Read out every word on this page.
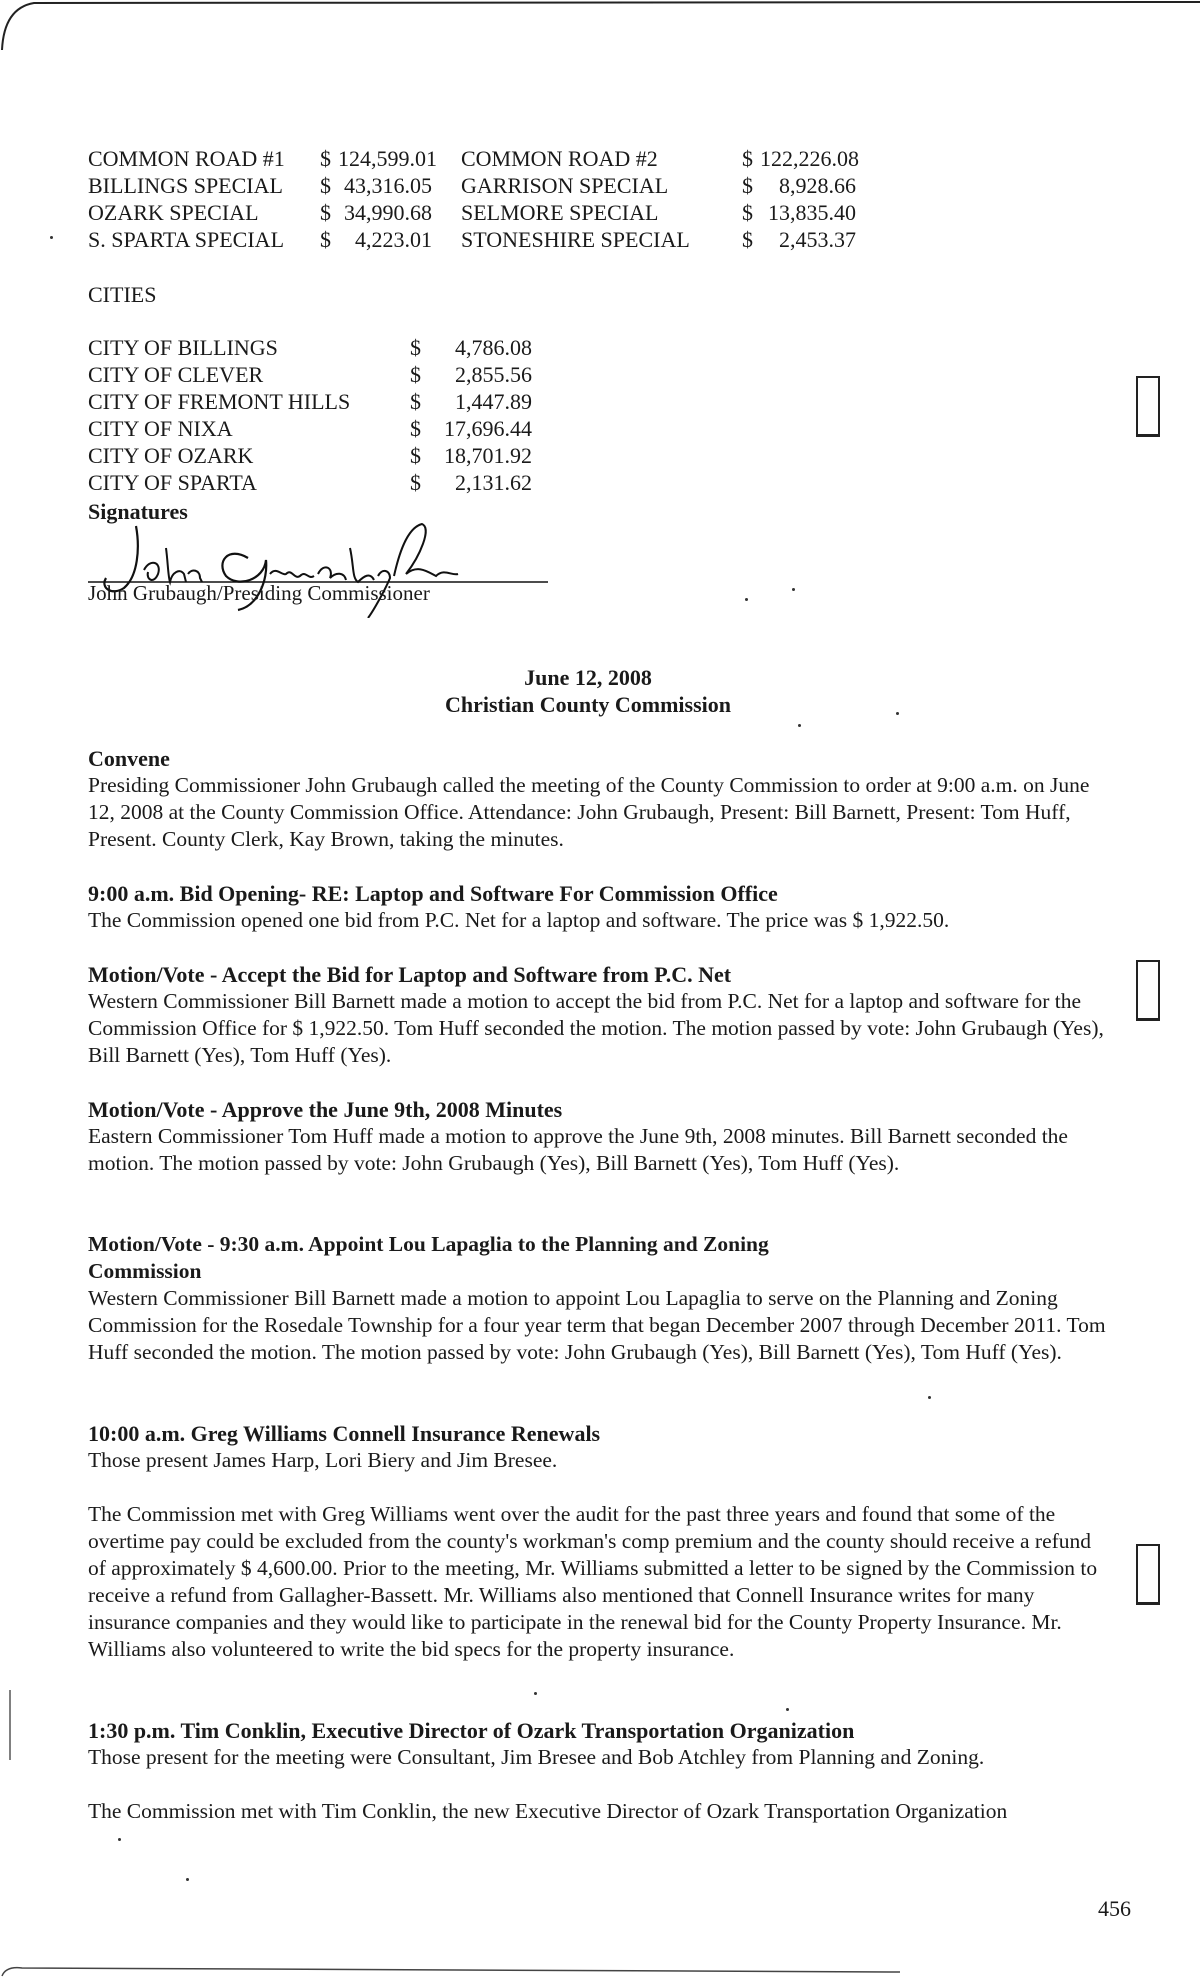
COMMON ROAD #1 $ 124,599.01 COMMON ROAD #2	$ 122,226.08
BILLINGS SPECIAL $ 43,316.05 GARRISON SPECIAL	$	8,928.66
OZARK SPECIAL	$ 34,990.68 SELMORE SPECIAL	$ 13,835.40
S. SPARTA SPECIAL $	4,223.01 STONESHIRE SPECIAL $	2,453.37
CITIES
CITY OF BILLINGS	$	4,786.08
CITY OF CLEVER	$	2,855.56
CITY OF FREMONT HILLS	$	1,447.89
CITY OF NIXA	$	17,696.44
CITY OF OZARK	$	18,701.92
CITY OF SPARTA	$	2,131.62
Signatures
John Grubaugh/Presiding Commissioner
June 12, 2008
Christian County Commission
Convene
Presiding Commissioner John Grubaugh called the meeting of the County Commission to order at 9:00 a.m. on June 12, 2008 at the County Commission Office. Attendance: John Grubaugh, Present: Bill Barnett, Present: Tom Huff, Present. County Clerk, Kay Brown, taking the minutes.
9:00 a.m. Bid Opening- RE: Laptop and Software For Commission Office
The Commission opened one bid from P.C. Net for a laptop and software. The price was $ 1,922.50.
Motion/Vote - Accept the Bid for Laptop and Software from P.C. Net
Western Commissioner Bill Barnett made a motion to accept the bid from P.C. Net for a laptop and software for the Commission Office for $ 1,922.50. Tom Huff seconded the motion. The motion passed by vote: John Grubaugh (Yes), Bill Barnett (Yes), Tom Huff (Yes).
Motion/Vote - Approve the June 9th, 2008 Minutes
Eastern Commissioner Tom Huff made a motion to approve the June 9th, 2008 minutes. Bill Barnett seconded the motion. The motion passed by vote: John Grubaugh (Yes), Bill Barnett (Yes), Tom Huff (Yes).
Motion/Vote - 9:30 a.m. Appoint Lou Lapaglia to the Planning and Zoning Commission
Western Commissioner Bill Barnett made a motion to appoint Lou Lapaglia to serve on the Planning and Zoning Commission for the Rosedale Township for a four year term that began December 2007 through December 2011. Tom Huff seconded the motion. The motion passed by vote: John Grubaugh (Yes), Bill Barnett (Yes), Tom Huff (Yes).
10:00 a.m. Greg Williams Connell Insurance Renewals
Those present James Harp, Lori Biery and Jim Bresee.
The Commission met with Greg Williams went over the audit for the past three years and found that some of the overtime pay could be excluded from the county's workman's comp premium and the county should receive a refund of approximately $ 4,600.00. Prior to the meeting, Mr. Williams submitted a letter to be signed by the Commission to receive a refund from Gallagher-Bassett. Mr. Williams also mentioned that Connell Insurance writes for many insurance companies and they would like to participate in the renewal bid for the County Property Insurance. Mr. Williams also volunteered to write the bid specs for the property insurance.
1:30 p.m. Tim Conklin, Executive Director of Ozark Transportation Organization
Those present for the meeting were Consultant, Jim Bresee and Bob Atchley from Planning and Zoning.
The Commission met with Tim Conklin, the new Executive Director of Ozark Transportation Organization
456
